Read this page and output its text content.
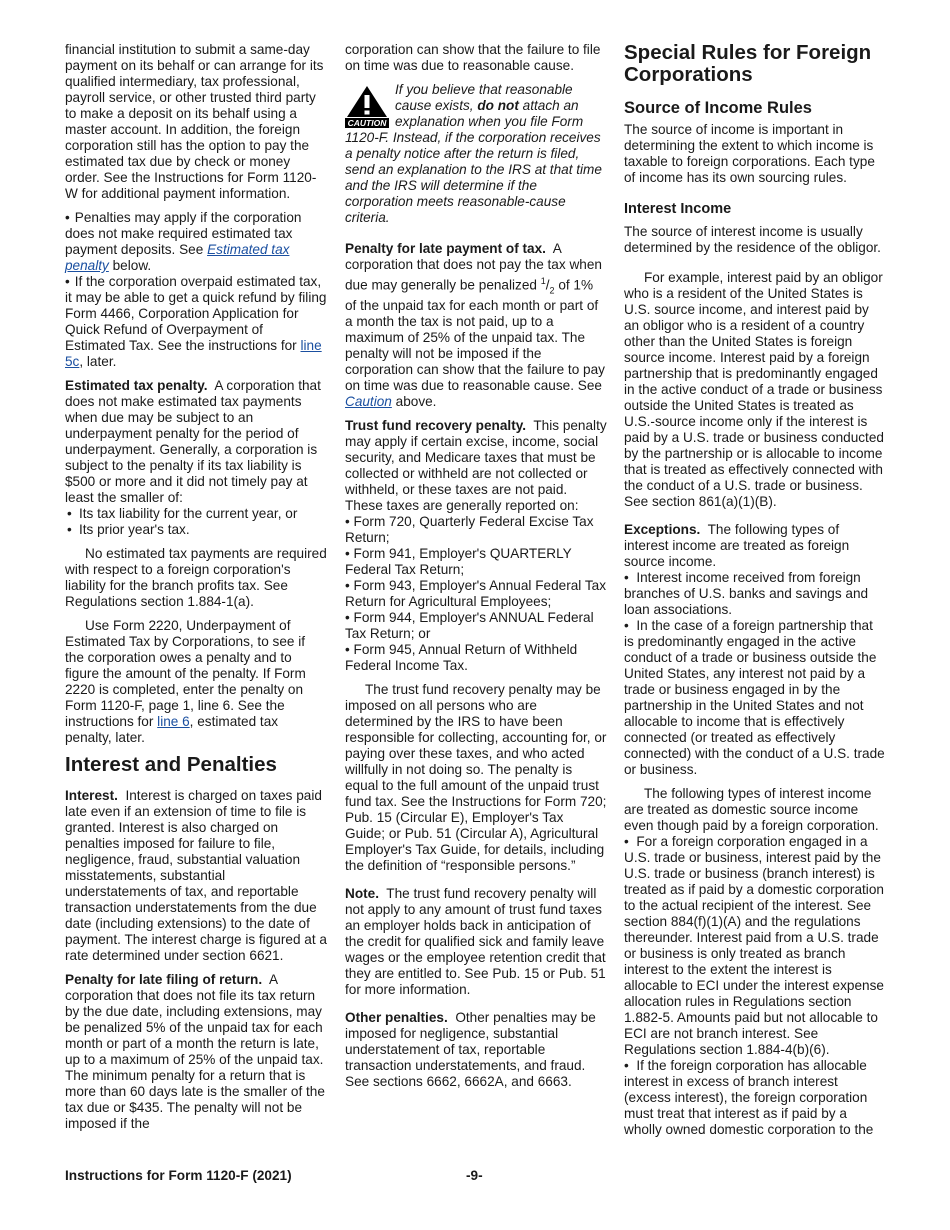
financial institution to submit a same-day payment on its behalf or can arrange for its qualified intermediary, tax professional, payroll service, or other trusted third party to make a deposit on its behalf using a master account. In addition, the foreign corporation still has the option to pay the estimated tax due by check or money order. See the Instructions for Form 1120-W for additional payment information.

• Penalties may apply if the corporation does not make required estimated tax payment deposits. See Estimated tax penalty below.

• If the corporation overpaid estimated tax, it may be able to get a quick refund by filing Form 4466, Corporation Application for Quick Refund of Overpayment of Estimated Tax. See the instructions for line 5c, later.

Estimated tax penalty. A corporation that does not make estimated tax payments when due may be subject to an underpayment penalty for the period of underpayment. Generally, a corporation is subject to the penalty if its tax liability is $500 or more and it did not timely pay at least the smaller of:

• Its tax liability for the current year, or
• Its prior year's tax.

No estimated tax payments are required with respect to a foreign corporation's liability for the branch profits tax. See Regulations section 1.884-1(a).

Use Form 2220, Underpayment of Estimated Tax by Corporations, to see if the corporation owes a penalty and to figure the amount of the penalty. If Form 2220 is completed, enter the penalty on Form 1120-F, page 1, line 6. See the instructions for line 6, estimated tax penalty, later.

Interest and Penalties

Interest. Interest is charged on taxes paid late even if an extension of time to file is granted. Interest is also charged on penalties imposed for failure to file, negligence, fraud, substantial valuation misstatements, substantial understatements of tax, and reportable transaction understatements from the due date (including extensions) to the date of payment. The interest charge is figured at a rate determined under section 6621.

Penalty for late filing of return. A corporation that does not file its tax return by the due date, including extensions, may be penalized 5% of the unpaid tax for each month or part of a month the return is late, up to a maximum of 25% of the unpaid tax. The minimum penalty for a return that is more than 60 days late is the smaller of the tax due or $435. The penalty will not be imposed if the

corporation can show that the failure to file on time was due to reasonable cause.

CAUTION
If you believe that reasonable cause exists, do not attach an explanation when you file Form 1120-F. Instead, if the corporation receives a penalty notice after the return is filed, send an explanation to the IRS at that time and the IRS will determine if the corporation meets reasonable-cause criteria.

Penalty for late payment of tax. A corporation that does not pay the tax when due may generally be penalized $^1/_2$ of 1% of the unpaid tax for each month or part of a month the tax is not paid, up to a maximum of 25% of the unpaid tax. The penalty will not be imposed if the corporation can show that the failure to pay on time was due to reasonable cause. See Caution above.

Trust fund recovery penalty. This penalty may apply if certain excise, income, social security, and Medicare taxes that must be collected or withheld are not collected or withheld, or these taxes are not paid. These taxes are generally reported on:

• Form 720, Quarterly Federal Excise Tax Return;
• Form 941, Employer's QUARTERLY Federal Tax Return;
• Form 943, Employer's Annual Federal Tax Return for Agricultural Employees;
• Form 944, Employer's ANNUAL Federal Tax Return; or
• Form 945, Annual Return of Withheld Federal Income Tax.

The trust fund recovery penalty may be imposed on all persons who are determined by the IRS to have been responsible for collecting, accounting for, or paying over these taxes, and who acted willfully in not doing so. The penalty is equal to the full amount of the unpaid trust fund tax. See the Instructions for Form 720; Pub. 15 (Circular E), Employer's Tax Guide; or Pub. 51 (Circular A), Agricultural Employer's Tax Guide, for details, including the definition of “responsible persons.”

Note. The trust fund recovery penalty will not apply to any amount of trust fund taxes an employer holds back in anticipation of the credit for qualified sick and family leave wages or the employee retention credit that they are entitled to. See Pub. 15 or Pub. 51 for more information.

Other penalties. Other penalties may be imposed for negligence, substantial understatement of tax, reportable transaction understatements, and fraud. See sections 6662, 6662A, and 6663.

Special Rules for Foreign Corporations
Source of Income Rules

The source of income is important in determining the extent to which income is taxable to foreign corporations. Each type of income has its own sourcing rules.

Interest Income

The source of interest income is usually determined by the residence of the obligor.

For example, interest paid by an obligor who is a resident of the United States is U.S. source income, and interest paid by an obligor who is a resident of a country other than the United States is foreign source income. Interest paid by a foreign partnership that is predominantly engaged in the active conduct of a trade or business outside the United States is treated as U.S.-source income only if the interest is paid by a U.S. trade or business conducted by the partnership or is allocable to income that is treated as effectively connected with the conduct of a U.S. trade or business. See section 861(a)(1)(B).

Exceptions. The following types of interest income are treated as foreign source income.

•  Interest income received from foreign branches of U.S. banks and savings and loan associations.

•  In the case of a foreign partnership that is predominantly engaged in the active conduct of a trade or business outside the United States, any interest not paid by a trade or business engaged in by the partnership in the United States and not allocable to income that is effectively connected (or treated as effectively connected) with the conduct of a U.S. trade or business.

The following types of interest income are treated as domestic source income even though paid by a foreign corporation.

•  For a foreign corporation engaged in a U.S. trade or business, interest paid by the U.S. trade or business (branch interest) is treated as if paid by a domestic corporation to the actual recipient of the interest. See section 884(f)(1)(A) and the regulations thereunder. Interest paid from a U.S. trade or business is only treated as branch interest to the extent the interest is allocable to ECI under the interest expense allocation rules in Regulations section 1.882-5. Amounts paid but not allocable to ECI are not branch interest. See Regulations section 1.884-4(b)(6).

•  If the foreign corporation has allocable interest in excess of branch interest (excess interest), the foreign corporation must treat that interest as if paid by a wholly owned domestic corporation to the

Instructions for Form 1120-F (2021)	-9-
